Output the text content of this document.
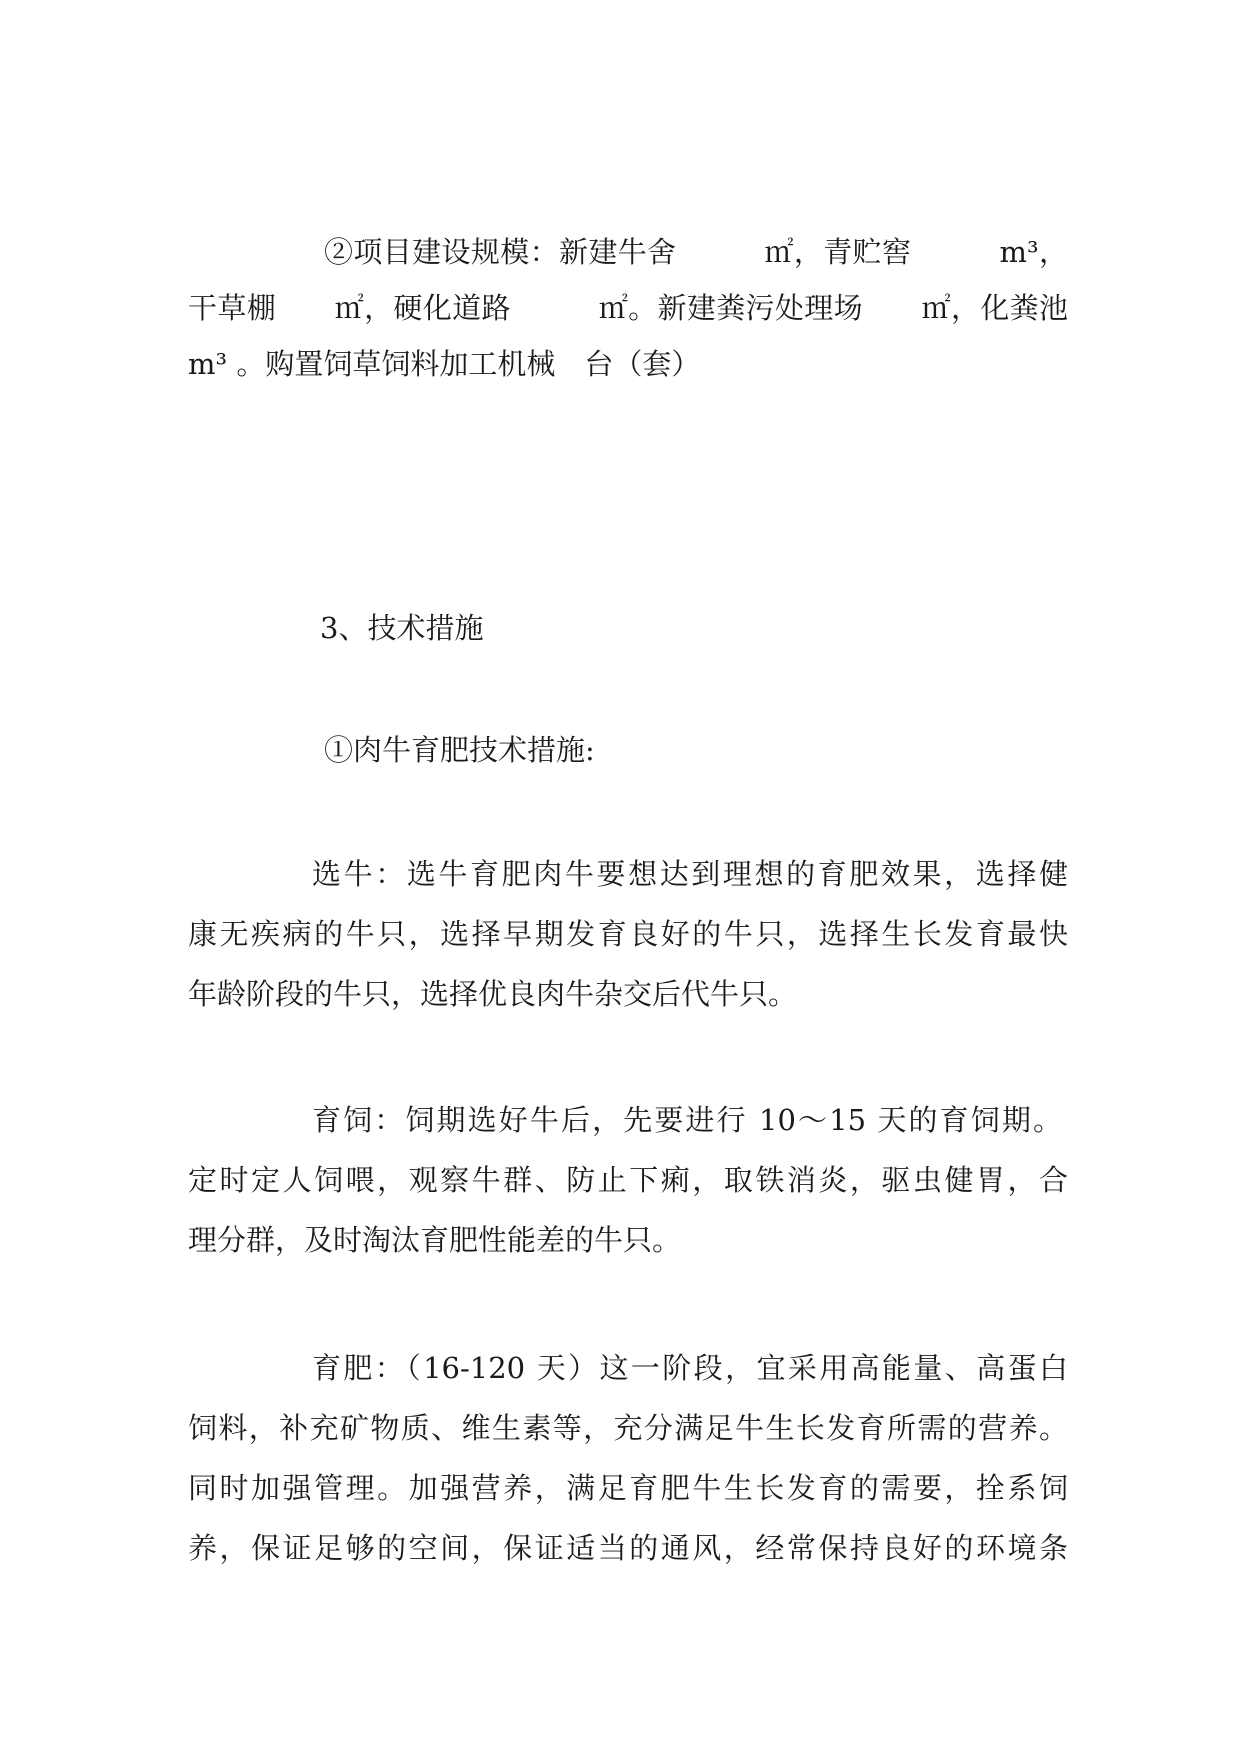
②项目建设规模：新建牛舍　　　㎡，青贮窖　　　m³，
干草棚　　㎡，硬化道路　　　㎡。新建粪污处理场　　㎡，化粪池
m³ 。购置饲草饲料加工机械　台（套）
3、技术措施
①肉牛育肥技术措施:
选牛：选牛育肥肉牛要想达到理想的育肥效果，选择健
康无疾病的牛只，选择早期发育良好的牛只，选择生长发育最快
年龄阶段的牛只，选择优良肉牛杂交后代牛只。
育饲：饲期选好牛后，先要进行 10～15 天的育饲期。
定时定人饲喂，观察牛群、防止下痢，取铁消炎，驱虫健胃，合
理分群，及时淘汰育肥性能差的牛只。
育肥：（16-120 天）这一阶段，宜采用高能量、高蛋白
饲料，补充矿物质、维生素等，充分满足牛生长发育所需的营养。
同时加强管理。加强营养，满足育肥牛生长发育的需要，拴系饲
养，保证足够的空间，保证适当的通风，经常保持良好的环境条
